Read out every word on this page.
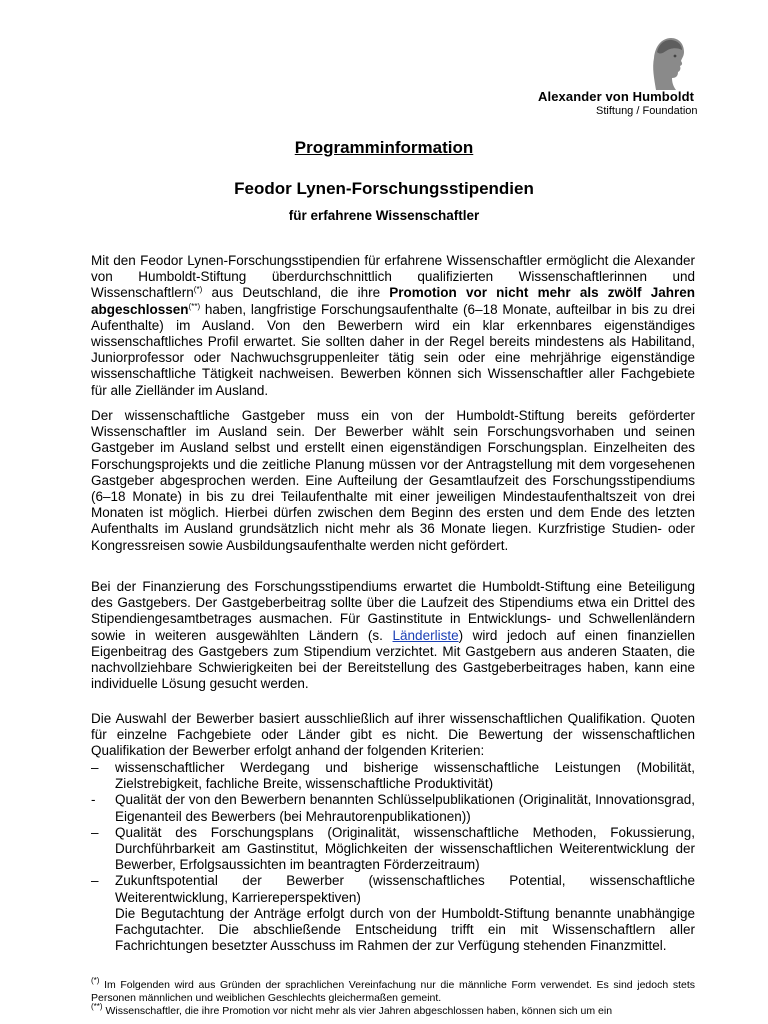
Alexander von Humboldt
Stiftung / Foundation
Programminformation
Feodor Lynen-Forschungsstipendien
für erfahrene Wissenschaftler
Mit den Feodor Lynen-Forschungsstipendien für erfahrene Wissenschaftler ermöglicht die Alexander von Humboldt-Stiftung überdurchschnittlich qualifizierten Wissenschaftlerinnen und Wissenschaftlern(*) aus Deutschland, die ihre Promotion vor nicht mehr als zwölf Jahren abgeschlossen(**) haben, langfristige Forschungsaufenthalte (6–18 Monate, aufteilbar in bis zu drei Aufenthalte) im Ausland. Von den Bewerbern wird ein klar erkennbares eigenständiges wissenschaftliches Profil erwartet. Sie sollten daher in der Regel bereits mindestens als Habilitand, Juniorprofessor oder Nachwuchsgruppenleiter tätig sein oder eine mehrjährige eigenständige wissenschaftliche Tätigkeit nachweisen. Bewerben können sich Wissenschaftler aller Fachgebiete für alle Zielländer im Ausland.
Der wissenschaftliche Gastgeber muss ein von der Humboldt-Stiftung bereits geförderter Wissenschaftler im Ausland sein. Der Bewerber wählt sein Forschungsvorhaben und seinen Gastgeber im Ausland selbst und erstellt einen eigenständigen Forschungsplan. Einzelheiten des Forschungsprojekts und die zeitliche Planung müssen vor der Antragstellung mit dem vorgesehenen Gastgeber abgesprochen werden. Eine Aufteilung der Gesamtlaufzeit des Forschungsstipendiums (6–18 Monate) in bis zu drei Teilaufenthalte mit einer jeweiligen Mindestaufenthaltszeit von drei Monaten ist möglich. Hierbei dürfen zwischen dem Beginn des ersten und dem Ende des letzten Aufenthalts im Ausland grundsätzlich nicht mehr als 36 Monate liegen. Kurzfristige Studien- oder Kongressreisen sowie Ausbildungsaufenthalte werden nicht gefördert.
Bei der Finanzierung des Forschungsstipendiums erwartet die Humboldt-Stiftung eine Beteiligung des Gastgebers. Der Gastgeberbeitrag sollte über die Laufzeit des Stipendiums etwa ein Drittel des Stipendiengesamtbetrages ausmachen. Für Gastinstitute in Entwicklungs- und Schwellenländern sowie in weiteren ausgewählten Ländern (s. Länderliste) wird jedoch auf einen finanziellen Eigenbeitrag des Gastgebers zum Stipendium verzichtet. Mit Gastgebern aus anderen Staaten, die nachvollziehbare Schwierigkeiten bei der Bereitstellung des Gastgeberbeitrages haben, kann eine individuelle Lösung gesucht werden.
Die Auswahl der Bewerber basiert ausschließlich auf ihrer wissenschaftlichen Qualifikation. Quoten für einzelne Fachgebiete oder Länder gibt es nicht. Die Bewertung der wissenschaftlichen Qualifikation der Bewerber erfolgt anhand der folgenden Kriterien:
–	wissenschaftlicher Werdegang und bisherige wissenschaftliche Leistungen (Mobilität, Zielstrebigkeit, fachliche Breite, wissenschaftliche Produktivität)
-	Qualität der von den Bewerbern benannten Schlüsselpublikationen (Originalität, Innovationsgrad, Eigenanteil des Bewerbers (bei Mehrautorenpublikationen))
–	Qualität des Forschungsplans (Originalität, wissenschaftliche Methoden, Fokussierung, Durchführbarkeit am Gastinstitut, Möglichkeiten der wissenschaftlichen Weiterentwicklung der Bewerber, Erfolgsaussichten im beantragten Förderzeitraum)
–	Zukunftspotential der Bewerber (wissenschaftliches Potential, wissenschaftliche Weiterentwicklung, Karriereperspektiven)
Die Begutachtung der Anträge erfolgt durch von der Humboldt-Stiftung benannte unabhängige Fachgutachter. Die abschließende Entscheidung trifft ein mit Wissenschaftlern aller Fachrichtungen besetzter Ausschuss im Rahmen der zur Verfügung stehenden Finanzmittel.
(*) Im Folgenden wird aus Gründen der sprachlichen Vereinfachung nur die männliche Form verwendet. Es sind jedoch stets Personen männlichen und weiblichen Geschlechts gleichermaßen gemeint.
(**) Wissenschaftler, die ihre Promotion vor nicht mehr als vier Jahren abgeschlossen haben, können sich um ein
